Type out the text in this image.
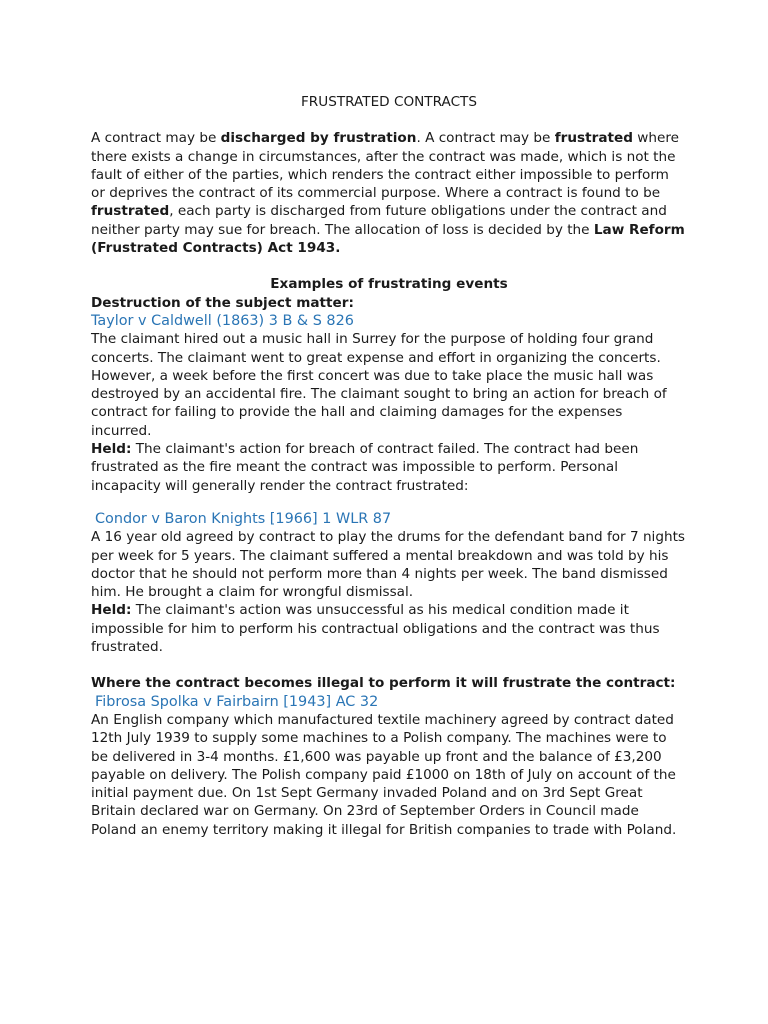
FRUSTRATED CONTRACTS

A contract may be discharged by frustration. A contract may be frustrated where there exists a change in circumstances, after the contract was made, which is not the fault of either of the parties, which renders the contract either impossible to perform or deprives the contract of its commercial purpose. Where a contract is found to be frustrated, each party is discharged from future obligations under the contract and neither party may sue for breach. The allocation of loss is decided by the Law Reform (Frustrated Contracts) Act 1943.

Examples of frustrating events

Destruction of the subject matter:

Taylor v Caldwell (1863) 3 B & S 826

The claimant hired out a music hall in Surrey for the purpose of holding four grand concerts. The claimant went to great expense and effort in organizing the concerts. However, a week before the first concert was due to take place the music hall was destroyed by an accidental fire. The claimant sought to bring an action for breach of contract for failing to provide the hall and claiming damages for the expenses incurred.

Held: The claimant's action for breach of contract failed. The contract had been frustrated as the fire meant the contract was impossible to perform. Personal incapacity will generally render the contract frustrated:

Condor v Baron Knights [1966] 1 WLR 87

A 16 year old agreed by contract to play the drums for the defendant band for 7 nights per week for 5 years. The claimant suffered a mental breakdown and was told by his doctor that he should not perform more than 4 nights per week. The band dismissed him. He brought a claim for wrongful dismissal.

Held: The claimant's action was unsuccessful as his medical condition made it impossible for him to perform his contractual obligations and the contract was thus frustrated.

Where the contract becomes illegal to perform it will frustrate the contract:

Fibrosa Spolka v Fairbairn [1943] AC 32

An English company which manufactured textile machinery agreed by contract dated 12th July 1939 to supply some machines to a Polish company. The machines were to be delivered in 3-4 months. £1,600 was payable up front and the balance of £3,200 payable on delivery. The Polish company paid £1000 on 18th of July on account of the initial payment due. On 1st Sept Germany invaded Poland and on 3rd Sept Great Britain declared war on Germany. On 23rd of September Orders in Council made Poland an enemy territory making it illegal for British companies to trade with Poland.
